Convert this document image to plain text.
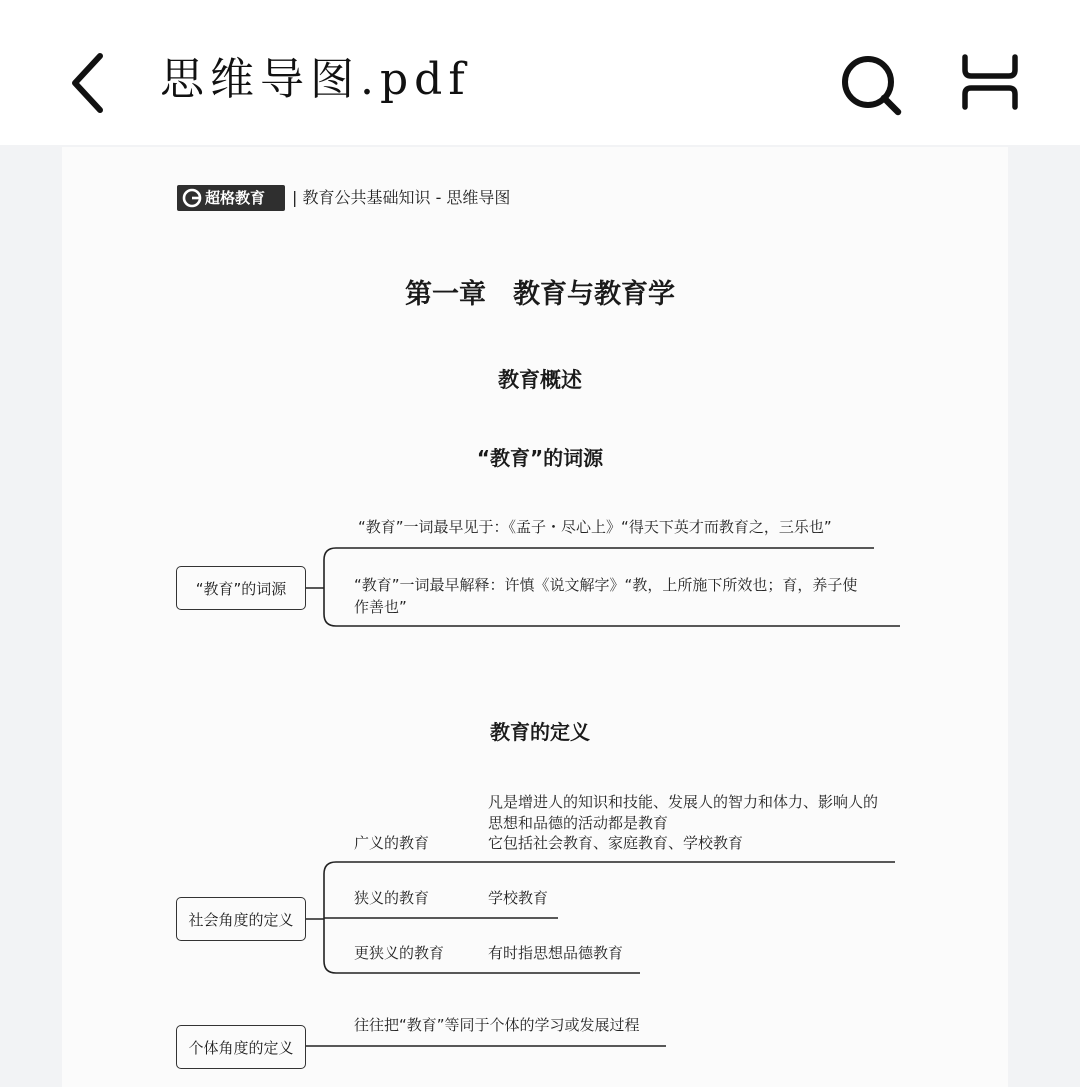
思维导图.pdf
超格教育 | 教育公共基础知识 - 思维导图
第一章　教育与教育学
教育概述
“教育”的词源
“教育”的词源
“教育”一词最早见于：《孟子・尽心上》“得天下英才而教育之，三乐也”
“教育”一词最早解释：许慎《说文解字》“教，上所施下所效也；育，养子使
作善也”
教育的定义
社会角度的定义
广义的教育
凡是增进人的知识和技能、发展人的智力和体力、影响人的
思想和品德的活动都是教育
它包括社会教育、家庭教育、学校教育
狭义的教育	学校教育
更狭义的教育	有时指思想品德教育
个体角度的定义
往往把“教育”等同于个体的学习或发展过程
